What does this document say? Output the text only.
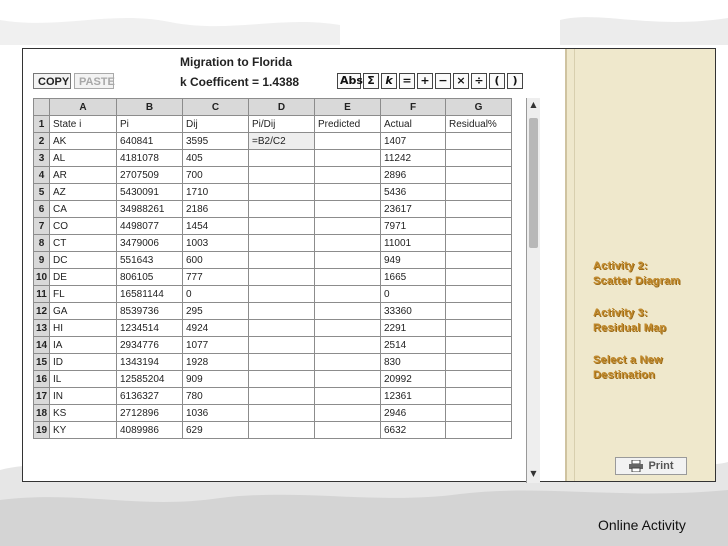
COPY PASTE
Migration to Florida
k Coefficent = 1.4388	Abs Σ k = + − × ÷ (	)
	A	B	C	D	E	F	G
1	State i	Pi	Dij	Pi/Dij	Predicted	Actual	Residual%
2	AK	640841	3595	=B2/C2		1407	
3	AL	4181078	405			11242	
4	AR	2707509	700			2896	
5	AZ	5430091	1710			5436	
6	CA	34988261	2186			23617	
7	CO	4498077	1454			7971	
8	CT	3479006	1003			11001	
9	DC	551643	600			949	
10	DE	806105	777			1665	
11	FL	16581144	0			0	
12	GA	8539736	295			33360	
13	HI	1234514	4924			2291	
14	IA	2934776	1077			2514	
15	ID	1343194	1928			830	
16	IL	12585204	909			20992	
17	IN	6136327	780			12361	
18	KS	2712896	1036			2946	
19	KY	4089986	629			6632	
▲
▼
Activity 2:
Scatter Diagram
Activity 3:
Residual Map
Select a New
Destination
Print
Online Activity
